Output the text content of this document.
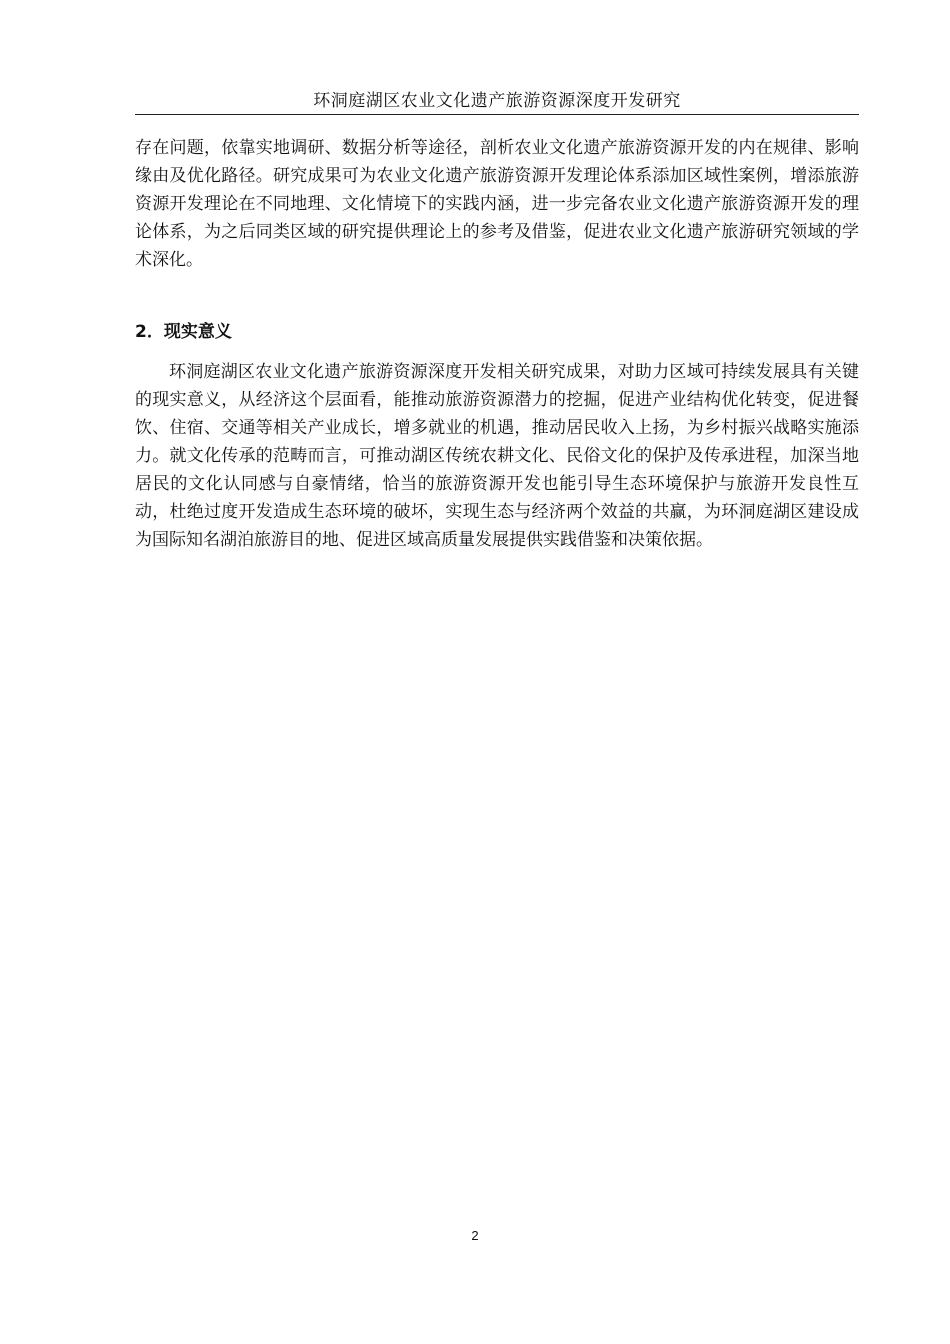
环洞庭湖区农业文化遗产旅游资源深度开发研究

存在问题，依靠实地调研、数据分析等途径，剖析农业文化遗产旅游资源开发的内在规律、影响缘由及优化路径。研究成果可为农业文化遗产旅游资源开发理论体系添加区域性案例，增添旅游资源开发理论在不同地理、文化情境下的实践内涵，进一步完备农业文化遗产旅游资源开发的理论体系，为之后同类区域的研究提供理论上的参考及借鉴，促进农业文化遗产旅游研究领域的学术深化。

2．现实意义

环洞庭湖区农业文化遗产旅游资源深度开发相关研究成果，对助力区域可持续发展具有关键的现实意义，从经济这个层面看，能推动旅游资源潜力的挖掘，促进产业结构优化转变，促进餐饮、住宿、交通等相关产业成长，增多就业的机遇，推动居民收入上扬，为乡村振兴战略实施添力。就文化传承的范畴而言，可推动湖区传统农耕文化、民俗文化的保护及传承进程，加深当地居民的文化认同感与自豪情绪，恰当的旅游资源开发也能引导生态环境保护与旅游开发良性互动，杜绝过度开发造成生态环境的破坏，实现生态与经济两个效益的共赢，为环洞庭湖区建设成为国际知名湖泊旅游目的地、促进区域高质量发展提供实践借鉴和决策依据。

2
